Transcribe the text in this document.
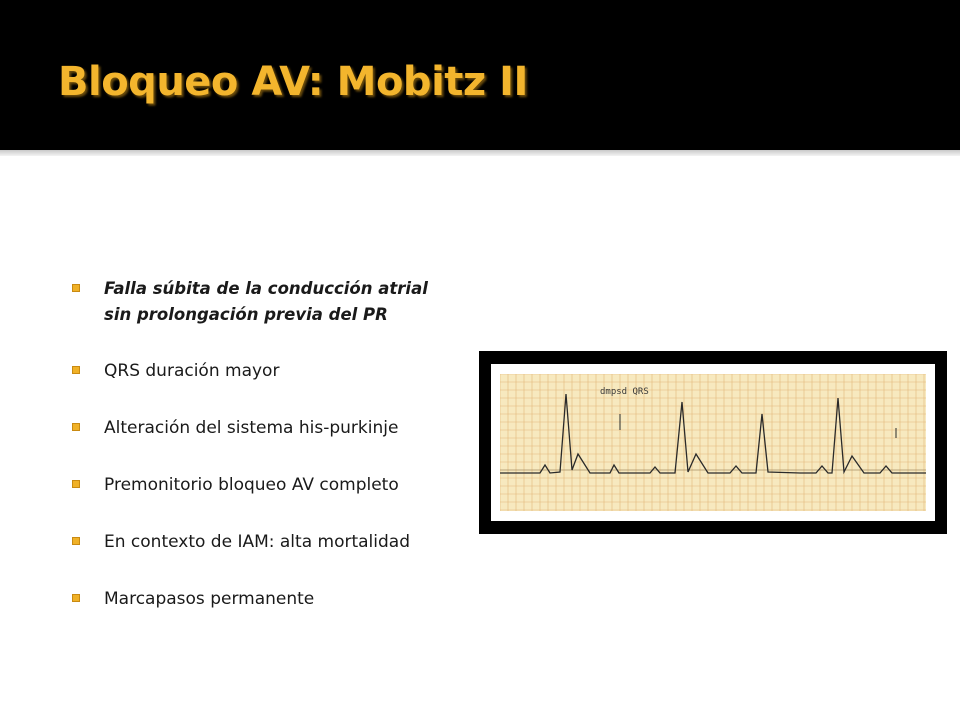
Bloqueo AV: Mobitz II
Falla súbita de la conducción atrial
sin prolongación previa del PR
QRS duración mayor
Alteración del sistema his-purkinje
Premonitorio bloqueo AV completo
En contexto de IAM: alta mortalidad
Marcapasos permanente
dmpsd QRS
